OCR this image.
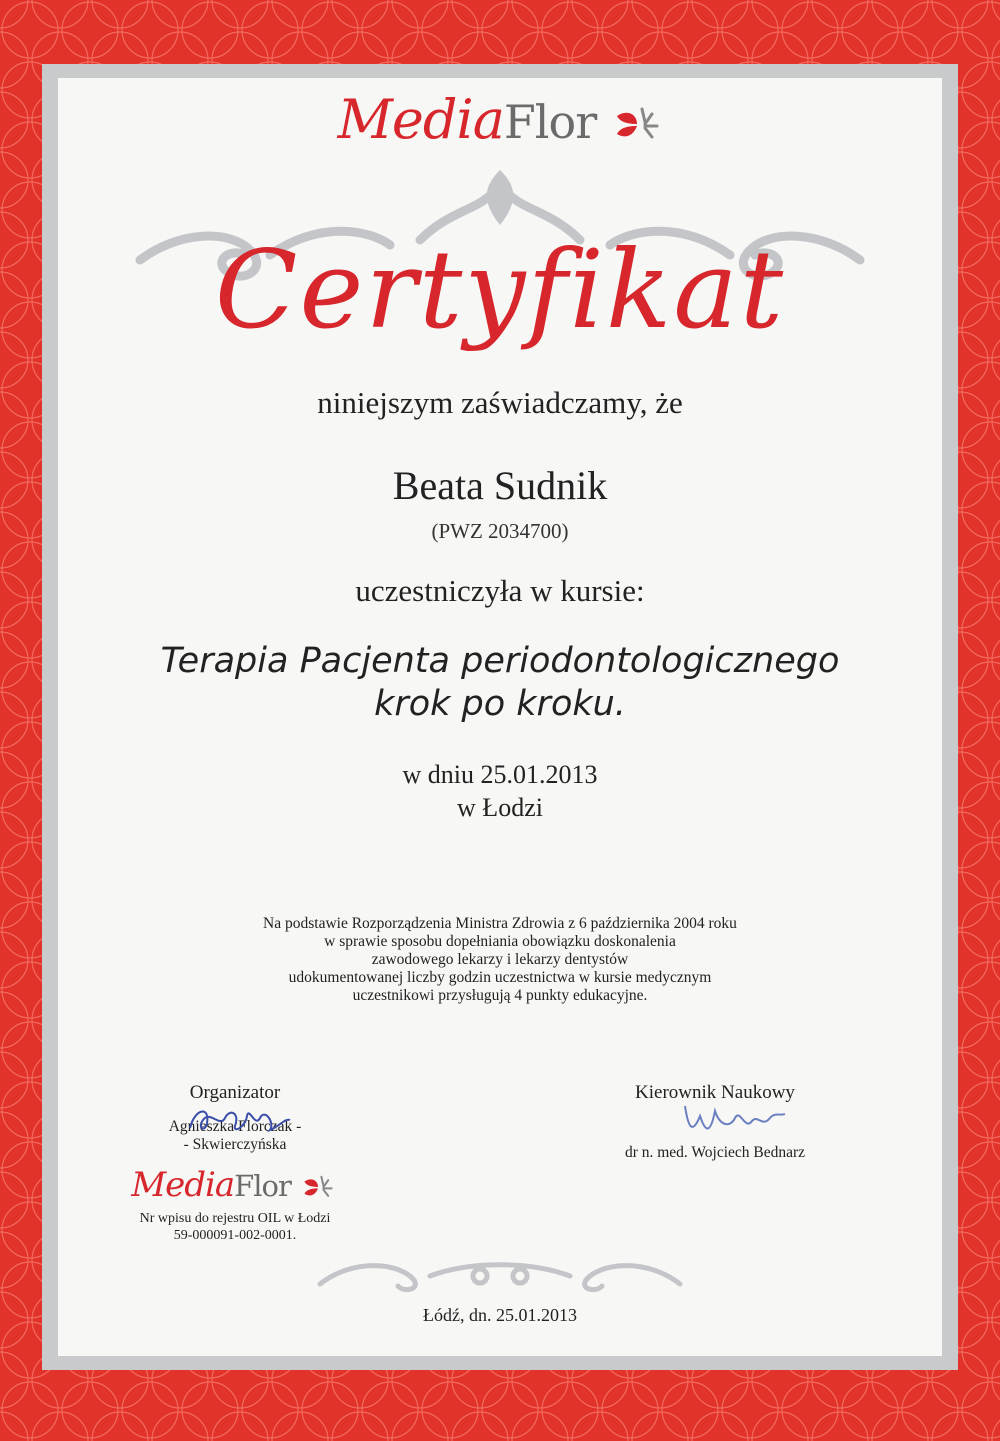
MediaFlor
Certyfikat
niniejszym zaświadczamy, że
Beata Sudnik
(PWZ 2034700)
uczestniczyła w kursie:
Terapia Pacjenta periodontologicznego
krok po kroku.
w dniu 25.01.2013
w Łodzi
Na podstawie Rozporządzenia Ministra Zdrowia z 6 października 2004 roku
w sprawie sposobu dopełniania obowiązku doskonalenia
zawodowego lekarzy i lekarzy dentystów
udokumentowanej liczby godzin uczestnictwa w kursie medycznym
uczestnikowi przysługują 4 punkty edukacyjne.
Organizator
Agnieszka Florczak -
- Skwierczyńska
Kierownik Naukowy
dr n. med. Wojciech Bednarz
MediaFlor
Nr wpisu do rejestru OIL w Łodzi
59-000091-002-0001.
Łódź, dn. 25.01.2013
